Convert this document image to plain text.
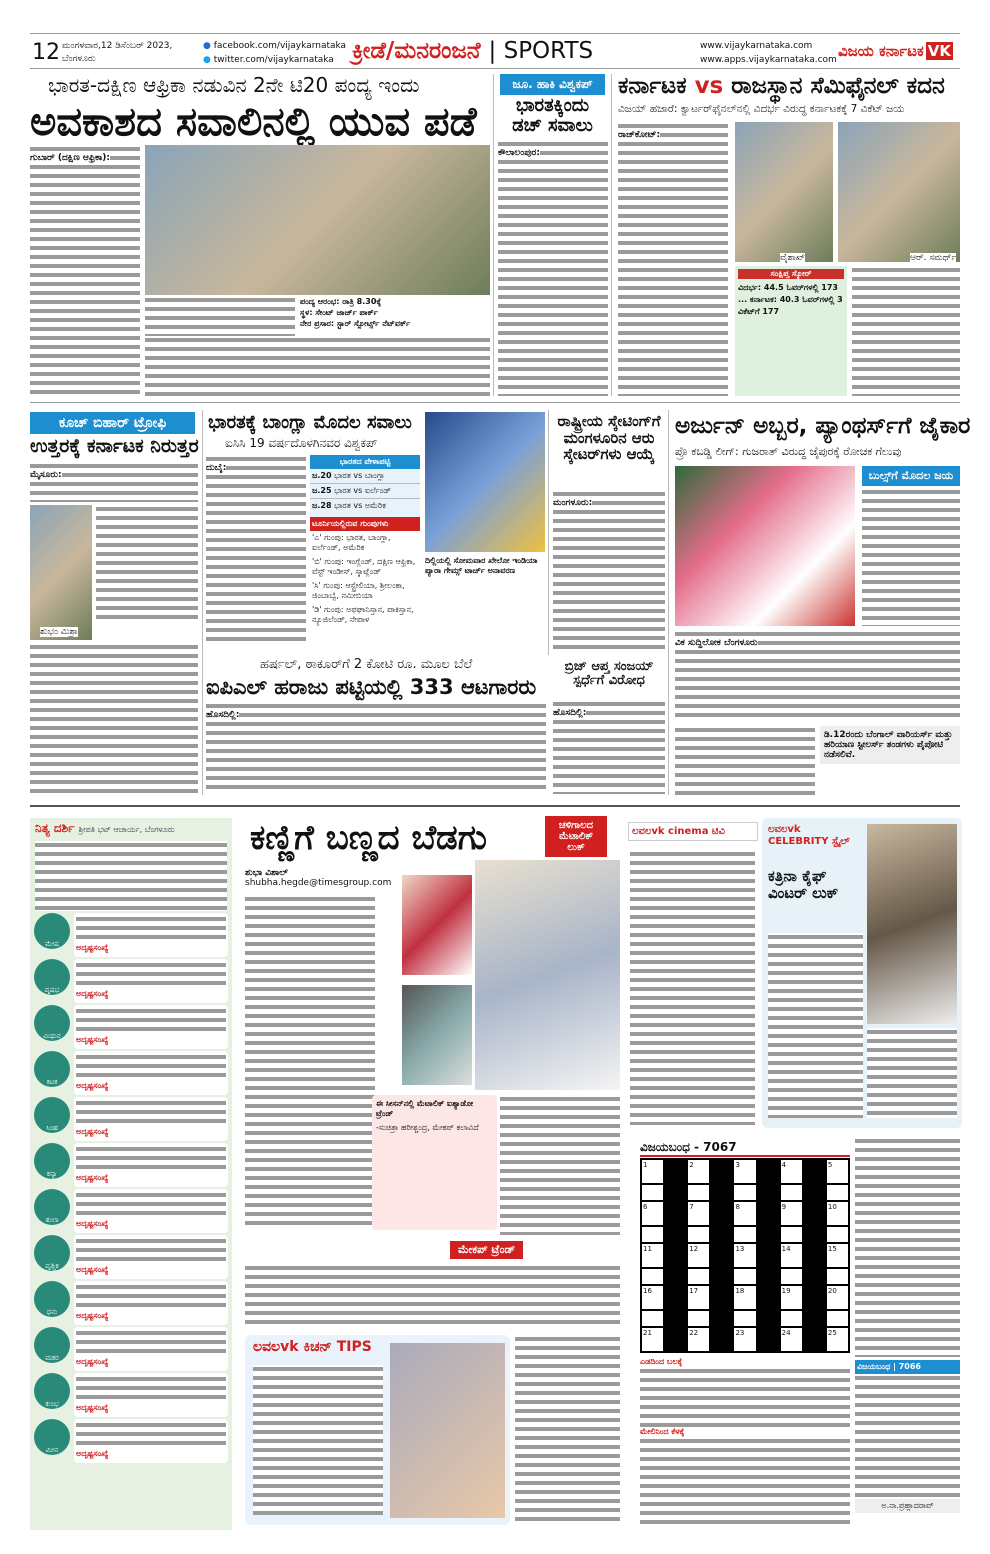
12 ಮಂಗಳವಾರ,12 ಡಿಸೆಂಬರ್ 2023,
ಬೆಂಗಳೂರು
● facebook.com/vijaykarnataka
● twitter.com/vijaykarnataka ಕ್ರೀಡೆ/ಮನರಂಜನೆ | SPORTS	www.vijaykarnataka.com
www.apps.vijaykarnataka.com ವಿಜಯ ಕರ್ನಾಟಕ VK
ಭಾರತ-ದಕ್ಷಿಣ ಆಫ್ರಿಕಾ ನಡುವಿನ 2ನೇ ಟಿ20 ಪಂದ್ಯ ಇಂದು
ಅವಕಾಶದ ಸವಾಲಿನಲ್ಲಿ ಯುವ ಪಡೆ
ಗುಬಾರ್ (ದಕ್ಷಿಣ ಆಫ್ರಿಕಾ):
ಪಂದ್ಯ ಆರಂಭ: ರಾತ್ರಿ 8.30ಕ್ಕೆ
ಸ್ಥಳ: ಸೇಂಟ್ ಜಾರ್ಜ್ ಪಾರ್ಕ್
ನೇರ ಪ್ರಸಾರ: ಸ್ಟಾರ್ ಸ್ಪೋರ್ಟ್ಸ್ ನೆಟ್‌ವರ್ಕ್
ಜೂ. ಹಾಕಿ ವಿಶ್ವಕಪ್
ಭಾರತಕ್ಕಿಂದು ಡಚ್ ಸವಾಲು
ಕೌಲಾಲಂಪುರ:
ಕರ್ನಾಟಕ vs ರಾಜಸ್ಥಾನ ಸೆಮಿಫೈನಲ್ ಕದನ
ವಿಜಯ್ ಹಜಾರೆ: ಕ್ವಾರ್ಟರ್‌ಫೈನಲ್‌ನಲ್ಲಿ ವಿದರ್ಭ ವಿರುದ್ಧ ಕರ್ನಾಟಕಕ್ಕೆ 7 ವಿಕೆಟ್ ಜಯ
ರಾಜ್‌ಕೋಟ್:
ವೈಶಾಖ್	ಆರ್. ಸಮರ್ಥ್
ಸಂಕ್ಷಿಪ್ತ ಸ್ಕೋರ್
ವಿದರ್ಭ: 44.5 ಓವರ್‌ಗಳಲ್ಲಿ 173 ... ಕರ್ನಾಟಕ: 40.3 ಓವರ್‌ಗಳಲ್ಲಿ 3 ವಿಕೆಟ್‌ಗೆ 177
ಕೂಚ್ ಬಿಹಾರ್ ಟ್ರೋಫಿ
ಉತ್ತರಕ್ಕೆ ಕರ್ನಾಟಕ ನಿರುತ್ತರ
ಮೈಸೂರು:
ಶುಭಂ ಮಿಶ್ರಾ
ಭಾರತಕ್ಕೆ ಬಾಂಗ್ಲಾ ಮೊದಲ ಸವಾಲು
ಐಸಿಸಿ 19 ವರ್ಷದೊಳಗಿನವರ ವಿಶ್ವಕಪ್
ದುಬೈ:
ಭಾರತದ ವೇಳಾಪಟ್ಟಿ
ಜ.20 ಭಾರತ vs ಬಾಂಗ್ಲಾ
ಜ.25 ಭಾರತ vs ಐರ್ಲೆಂಡ್
ಜ.28 ಭಾರತ vs ಅಮೆರಿಕ
ಟೂರ್ನಿಯಲ್ಲಿರುವ ಗುಂಪುಗಳು
'ಎ' ಗುಂಪು: ಭಾರತ, ಬಾಂಗ್ಲಾ, ಐರ್ಲೆಂಡ್, ಅಮೆರಿಕ
'ಬಿ' ಗುಂಪು: ಇಂಗ್ಲೆಂಡ್, ದಕ್ಷಿಣ ಆಫ್ರಿಕಾ, ವೆಸ್ಟ್ ಇಂಡೀಸ್, ಸ್ಕಾಟ್ಲೆಂಡ್
'ಸಿ' ಗುಂಪು: ಆಸ್ಟ್ರೇಲಿಯಾ, ಶ್ರೀಲಂಕಾ, ಜಿಂಬಾಬ್ವೆ, ನಮೀಬಿಯಾ
'ಡಿ' ಗುಂಪು: ಅಫಘಾನಿಸ್ತಾನ, ಪಾಕಿಸ್ತಾನ, ನ್ಯೂಜಿಲೆಂಡ್, ನೇಪಾಳ
ದಿಲ್ಲಿಯಲ್ಲಿ ಸೋಮವಾರ ಖೇಲೋ ಇಂಡಿಯಾ ಪ್ಯಾರಾ ಗೇಮ್ಸ್ ಟಾರ್ಚ್ ಅನಾವರಣ
ರಾಷ್ಟ್ರೀಯ ಸ್ಕೇಟಿಂಗ್‌ಗೆ ಮಂಗಳೂರಿನ ಆರು ಸ್ಕೇಟರ್‌ಗಳು ಆಯ್ಕೆ
ಮಂಗಳೂರು:
ಅರ್ಜುನ್ ಅಬ್ಬರ, ಪ್ಯಾಂಥರ್ಸ್‌ಗೆ ಜೈಕಾರ
ಪ್ರೊ ಕಬಡ್ಡಿ ಲೀಗ್: ಗುಜರಾತ್ ವಿರುದ್ಧ ಜೈಪುರಕ್ಕೆ ರೋಚಕ ಗೆಲುವು
ಬುಲ್ಸ್‌ಗೆ ಮೊದಲ ಜಯ
ವಿಕ ಸುದ್ದಿಲೋಕ ಬೆಂಗಳೂರು
ಡಿ.12ರಂದು ಬೆಂಗಾಲ್ ವಾರಿಯರ್ಸ್ ಮತ್ತು ಹರಿಯಾಣ ಸ್ಟೀಲರ್ಸ್ ತಂಡಗಳು ಪೈಪೋಟಿ ನಡೆಸಲಿವೆ.
ಹರ್ಷಲ್, ಠಾಕೂರ್‌ಗೆ 2 ಕೋಟಿ ರೂ. ಮೂಲ ಬೆಲೆ
ಐಪಿಎಲ್ ಹರಾಜು ಪಟ್ಟಿಯಲ್ಲಿ 333 ಆಟಗಾರರು
ಹೊಸದಿಲ್ಲಿ:
ಬ್ರಿಜ್ ಆಪ್ತ ಸಂಜಯ್ ಸ್ಪರ್ಧೆಗೆ ವಿರೋಧ
ಹೊಸದಿಲ್ಲಿ:
ನಿತ್ಯ ದರ್ಶಿ ಶ್ರೀಪತಿ ಭಟ್ ಆಚಾರ್ಯ, ಬೆಂಗಳೂರು
ಮೇಷ ಅದೃಷ್ಟಸಂಖ್ಯೆ
ವೃಷಭ ಅದೃಷ್ಟಸಂಖ್ಯೆ
ಮಿಥುನ ಅದೃಷ್ಟಸಂಖ್ಯೆ
ಕಟಕ ಅದೃಷ್ಟಸಂಖ್ಯೆ
ಸಿಂಹ ಅದೃಷ್ಟಸಂಖ್ಯೆ
ಕನ್ಯಾ ಅದೃಷ್ಟಸಂಖ್ಯೆ
ತುಲಾ ಅದೃಷ್ಟಸಂಖ್ಯೆ
ವೃಶ್ಚಿಕ ಅದೃಷ್ಟಸಂಖ್ಯೆ
ಧನು ಅದೃಷ್ಟಸಂಖ್ಯೆ
ಮಕರ ಅದೃಷ್ಟಸಂಖ್ಯೆ
ಕುಂಭ ಅದೃಷ್ಟಸಂಖ್ಯೆ
ಮೀನ ಅದೃಷ್ಟಸಂಖ್ಯೆ
ಕಣ್ಣಿಗೆ ಬಣ್ಣದ ಬೆಡಗು	ಚಳಿಗಾಲದ ಮೆಟಾಲಿಕ್ ಲುಕ್
ಶುಭಾ ವಿಶಾಲ್
shubha.hegde@timesgroup.com
ಈ ಸೀಸನ್‌ನಲ್ಲಿ ಮೆಟಾಲಿಕ್ ಐಶ್ಯಾಡೋ ಟ್ರೆಂಡ್
-ಸುಚಿತ್ರಾ ಹರೀಶ್ಚಂದ್ರ, ಮೇಕಪ್ ಕಲಾವಿದೆ
ಮೇಕಪ್ ಟ್ರೆಂಡ್
ಲವಲvk ಕಿಚನ್ TIPS
ಲವಲvk cinema ಟಿವಿ	ಲವಲvk CELEBRITY ಸ್ಟೈಲ್
ಕತ್ರಿನಾ ಕೈಫ್ ವಿಂಟರ್ ಲುಕ್
ವಿಜಯಬಂಧ - 7067
1	2	3	4	5
6	7	8	9	10
11	12	13	14	15
16	17	18	19	20
21	22	23	24	25
ಎಡದಿಂದ ಬಲಕ್ಕೆ
ಮೇಲಿನಿಂದ ಕೆಳಕ್ಕೆ
ವಿಜಯಬಂಧ | 7066
ಅ.ನಾ.ಪ್ರಹ್ಲಾದರಾವ್
